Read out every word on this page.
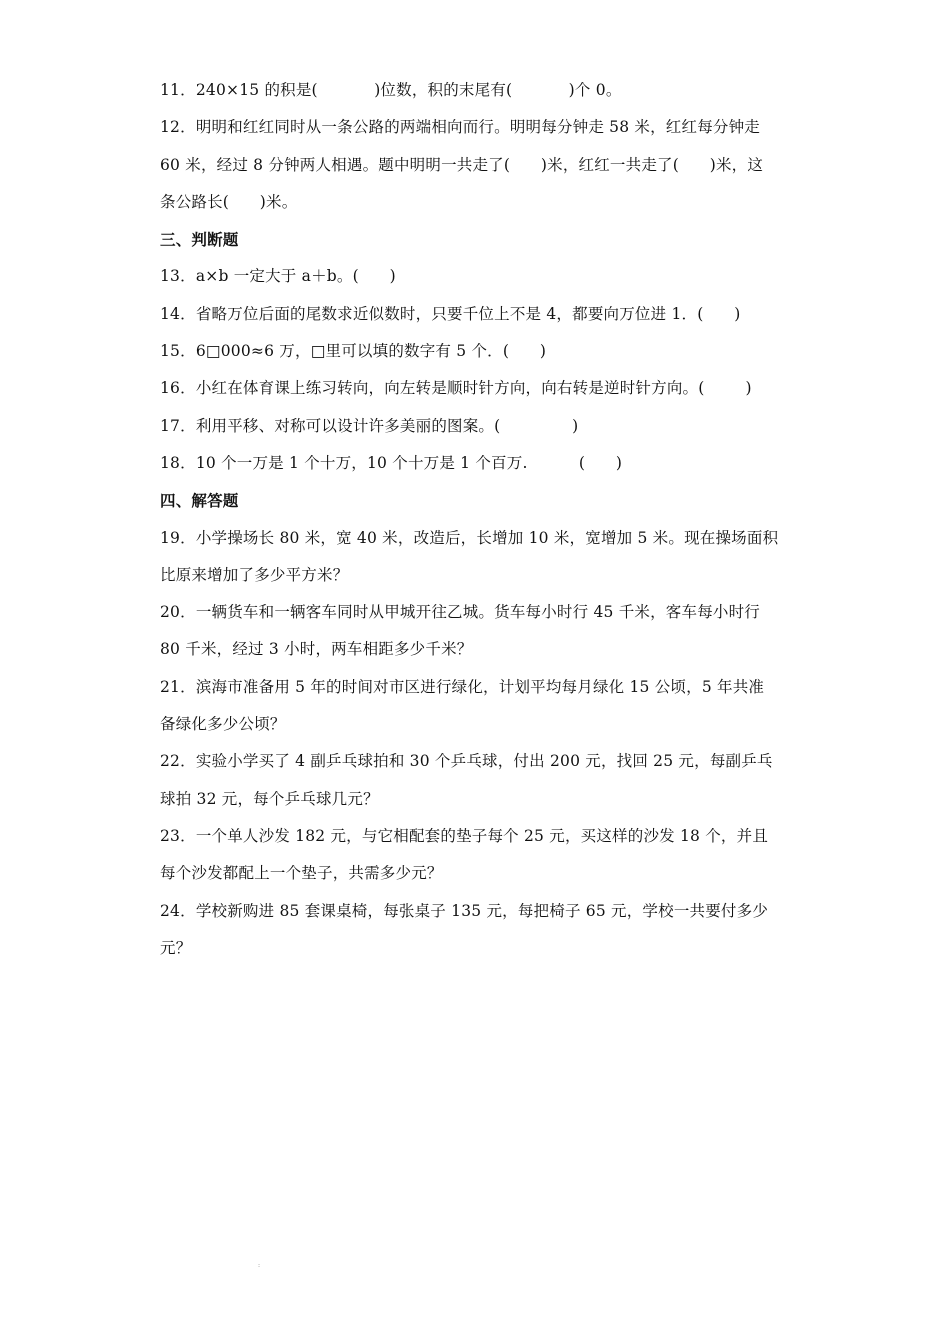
11．240×15 的积是(           )位数，积的末尾有(           )个 0。
12．明明和红红同时从一条公路的两端相向而行。明明每分钟走 58 米，红红每分钟走
60 米，经过 8 分钟两人相遇。题中明明一共走了(      )米，红红一共走了(      )米，这
条公路长(      )米。
三、判断题
13．a×b 一定大于 a＋b。(      )
14．省略万位后面的尾数求近似数时，只要千位上不是 4，都要向万位进 1．(      )
15．6□000≈6 万，□里可以填的数字有 5 个．(      )
16．小红在体育课上练习转向，向左转是顺时针方向，向右转是逆时针方向。(        )
17．利用平移、对称可以设计许多美丽的图案。(              )
18．10 个一万是 1 个十万，10 个十万是 1 个百万.          (      )
四、解答题
19．小学操场长 80 米，宽 40 米，改造后，长增加 10 米，宽增加 5 米。现在操场面积
比原来增加了多少平方米？
20．一辆货车和一辆客车同时从甲城开往乙城。货车每小时行 45 千米，客车每小时行
80 千米，经过 3 小时，两车相距多少千米？
21．滨海市准备用 5 年的时间对市区进行绿化，计划平均每月绿化 15 公顷，5 年共准
备绿化多少公顷？
22．实验小学买了 4 副乒乓球拍和 30 个乒乓球，付出 200 元，找回 25 元，每副乒乓
球拍 32 元，每个乒乓球几元？
23．一个单人沙发 182 元，与它相配套的垫子每个 25 元，买这样的沙发 18 个，并且
每个沙发都配上一个垫子，共需多少元？
24．学校新购进 85 套课桌椅，每张桌子 135 元，每把椅子 65 元，学校一共要付多少
元？
:
